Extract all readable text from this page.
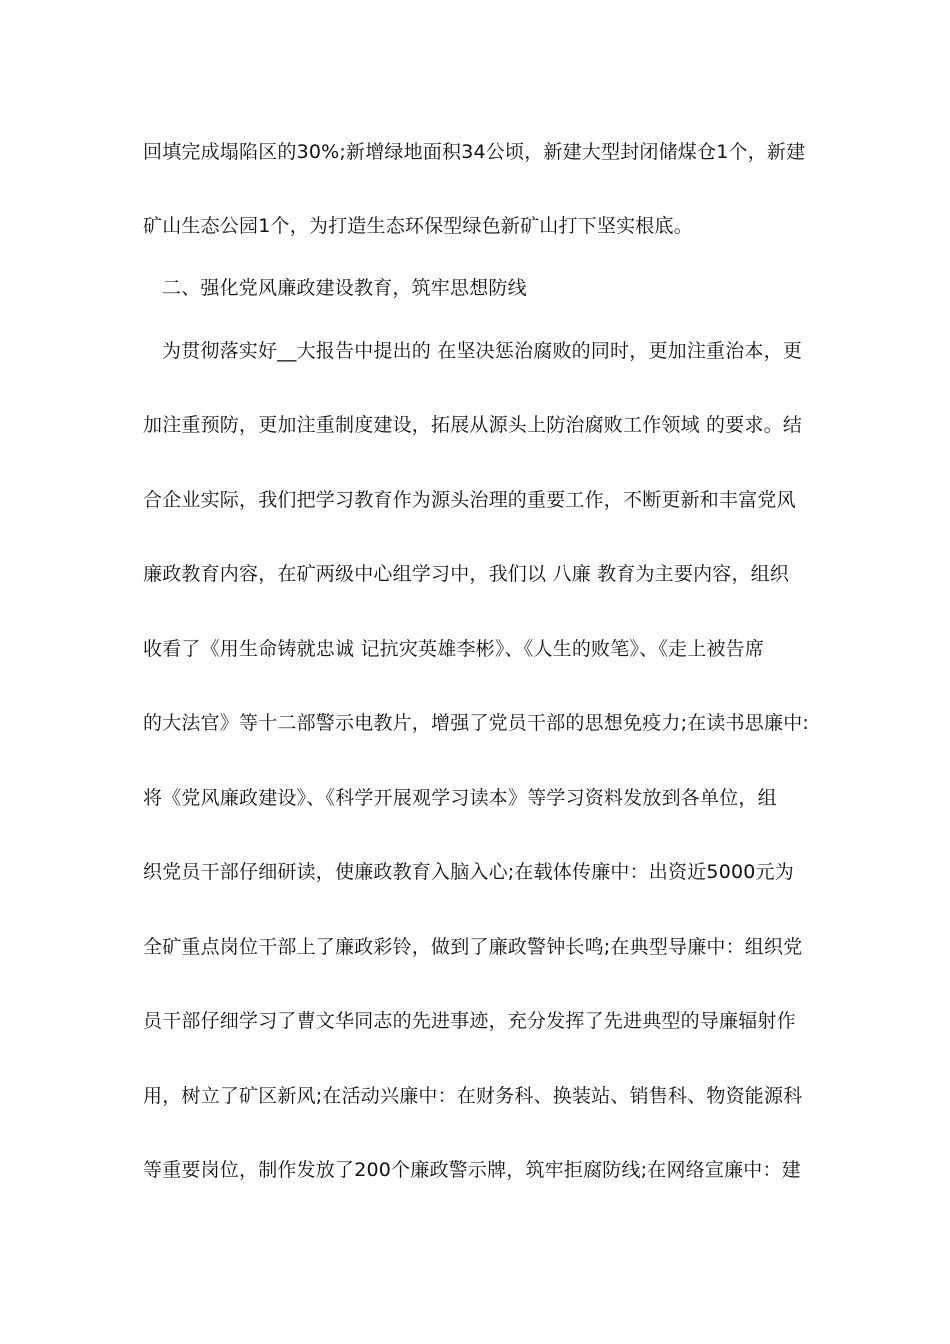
回填完成塌陷区的30%;新增绿地面积34公顷，新建大型封闭储煤仓1个，新建
矿山生态公园1个，为打造生态环保型绿色新矿山打下坚实根底。
二、强化党风廉政建设教育，筑牢思想防线
为贯彻落实好__大报告中提出的 在坚决惩治腐败的同时，更加注重治本，更
加注重预防，更加注重制度建设，拓展从源头上防治腐败工作领域 的要求。结
合企业实际，我们把学习教育作为源头治理的重要工作，不断更新和丰富党风
廉政教育内容，在矿两级中心组学习中，我们以 八廉 教育为主要内容，组织
收看了《用生命铸就忠诚 记抗灾英雄李彬》、《人生的败笔》、《走上被告席
的大法官》等十二部警示电教片，增强了党员干部的思想免疫力;在读书思廉中:
将《党风廉政建设》、《科学开展观学习读本》等学习资料发放到各单位，组
织党员干部仔细研读，使廉政教育入脑入心;在载体传廉中：出资近5000元为
全矿重点岗位干部上了廉政彩铃，做到了廉政警钟长鸣;在典型导廉中：组织党
员干部仔细学习了曹文华同志的先进事迹，充分发挥了先进典型的导廉辐射作
用，树立了矿区新风;在活动兴廉中：在财务科、换装站、销售科、物资能源科
等重要岗位，制作发放了200个廉政警示牌，筑牢拒腐防线;在网络宣廉中：建
